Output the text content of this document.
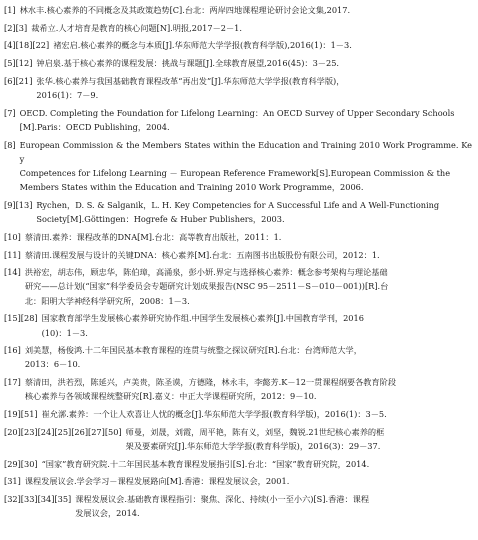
[1] 林水丰.核心素养的不同概念及其政策趋势[C].台北：两岸四地课程理论研讨会论文集,2017.
[2][3] 裁希立.人才培育是教育的核心问题[N].明报,2017－2－1.
[4][18][22] 褚宏启.核心素养的概念与本质[J].华东师范大学学报(教育科学版),2016(1)：1－3.
[5][12] 钟启泉.基于核心素养的课程发展：挑战与课题[J].全球教育展望,2016(45)：3－25.
[6][21] 张华.核心素养与我国基础教育课程改革“再出发”[J].华东师范大学学报(教育科学版)，
2016(1)：7－9.
[7] OECD. Completing the Foundation for Lifelong Learning：An OECD Survey of Upper Secondary Schools
[M].Paris：OECD Publishing，2004.
[8] European Commission & the Members States within the Education and Training 2010 Work Programme. Key
Competences for Lifelong Learning － European Reference Framework[S].European Commission & the
Members States within the Education and Training 2010 Work Programme，2006.
[9][13] Rychen，D. S. & Salganik，L. H. Key Competencies for A Successful Life and A Well-Functioning
Society[M].Göttingen：Hogrefe & Huber Publishers，2003.
[10] 蔡清田.素养：课程改革的DNA[M].台北：高等教育出版社，2011：1.
[11] 蔡清田.课程发展与设计的关键DNA：核心素养[M].台北：五南图书出版股份有限公司，2012：1.
[14] 洪裕宏，胡志伟，顾忠华，陈伯璋，高涌泉，彭小妍.界定与选择核心素养：概念参考架构与理论基础
研究——总计划(“国家”科学委员会专题研究计划成果报告(NSC 95－2511－S－010－001))[R].台
北：阳明大学神经科学研究所，2008：1－3.
[15][28] 国家教育部学生发展核心素养研究协作组.中国学生发展核心素养[J].中国教育学刊，2016
(10)：1－3.
[16] 刘美慧，杨俊鸿.十二年国民基本教育课程的连贯与统整之探议研究[R].台北：台湾师范大学，
2013：6－10.
[17] 蔡清田，洪若烈，陈延兴，卢美贵，陈圣谟，方德隆，林永丰，李懿芳.K－12一贯课程纲要各教育阶段
核心素养与各领域课程统整研究[R].嘉义：中正大学课程研究所，2012：9－10.
[19][51] 崔允漷.素养：一个让人欢喜让人忧的概念[J].华东师范大学学报(教育科学版)，2016(1)：3－5.
[20][23][24][25][26][27][50] 师曼，刘晟，刘霞，周平艳，陈有义，刘坚，魏锐.21世纪核心素养的框
架及要素研究[J].华东师范大学学报(教育科学版)，2016(3)：29－37.
[29][30] “国家”教育研究院.十二年国民基本教育课程发展指引[S].台北：“国家”教育研究院，2014.
[31] 课程发展议会.学会学习－课程发展路向[M].香港：课程发展议会，2001.
[32][33][34][35] 课程发展议会.基础教育课程指引：聚焦、深化、持续(小一至小六)[S].香港：课程
发展议会，2014.
